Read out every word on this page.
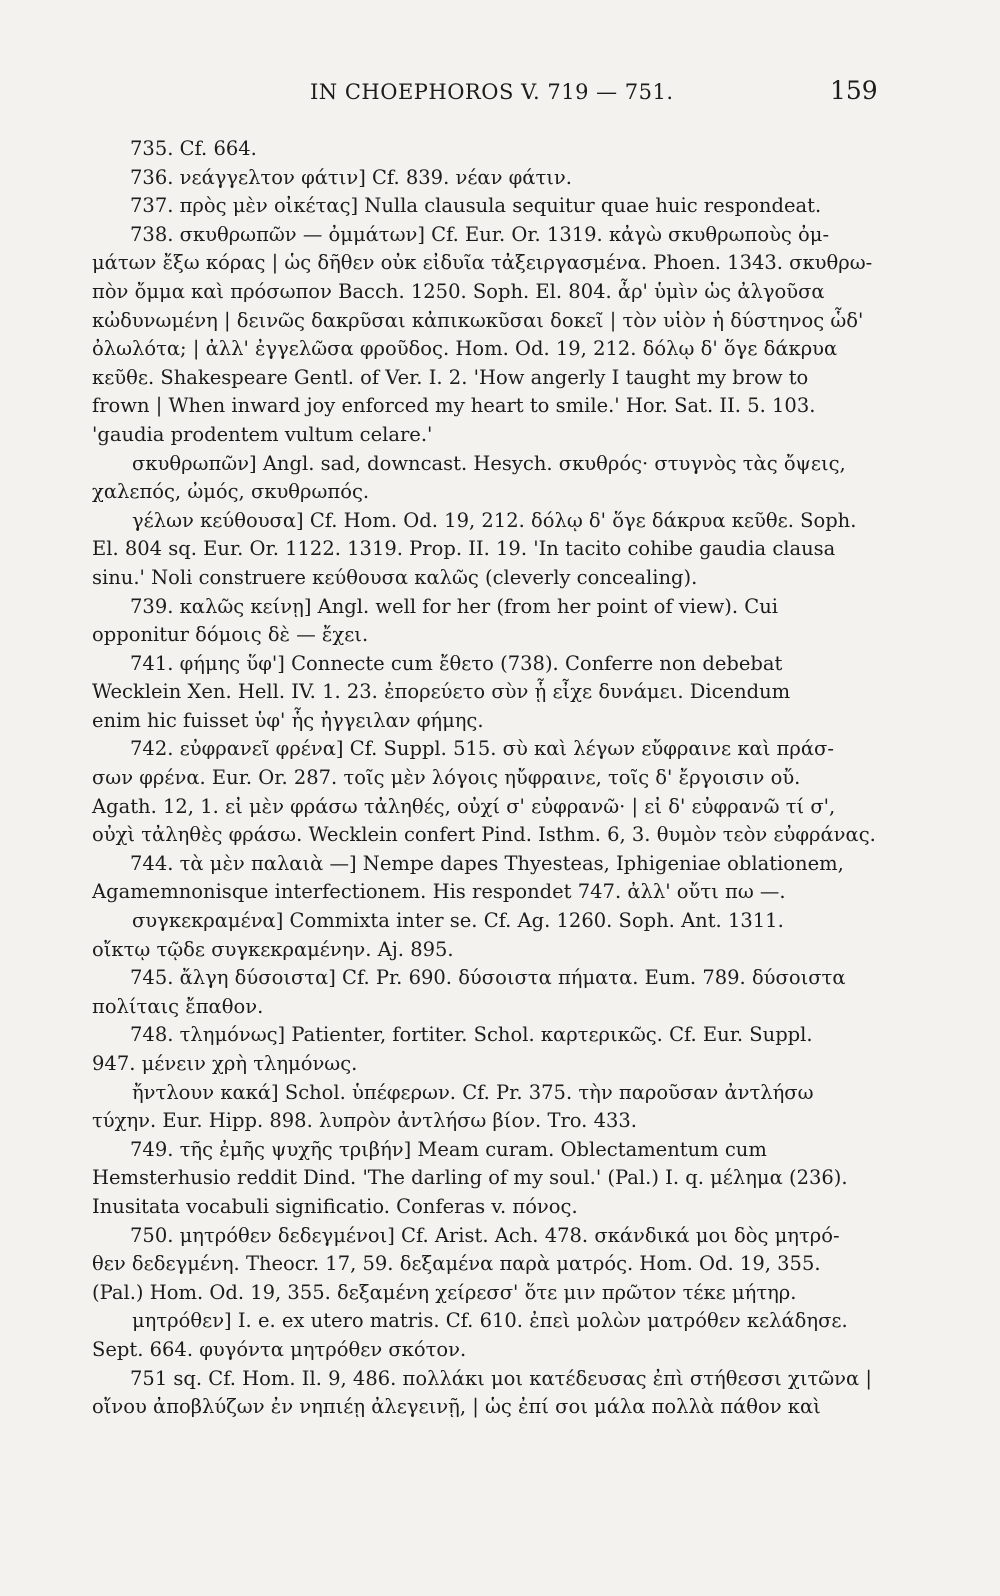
IN CHOEPHOROS V. 719 — 751.	159
735. Cf. 664.
736. νεάγγελτον φάτιν] Cf. 839. νέαν φάτιν.
737. πρὸς μὲν οἰκέτας] Nulla clausula sequitur quae huic respondeat.
738. σκυθρωπῶν — ὀμμάτων] Cf. Eur. Or. 1319. κἀγὼ σκυθρωποὺς ὀμ-
μάτων ἔξω κόρας | ὡς δῆθεν οὐκ εἰδυῖα τἀξειργασμένα. Phoen. 1343. σκυθρω-
πὸν ὄμμα καὶ πρόσωπον Bacch. 1250. Soph. El. 804. ἆρ' ὑμὶν ὡς ἀλγοῦσα
κὠδυνωμένη | δεινῶς δακρῦσαι κἀπικωκῦσαι δοκεῖ | τὸν υἱὸν ἡ δύστηνος ὧδ'
ὀλωλότα; | ἀλλ' ἐγγελῶσα φροῦδος. Hom. Od. 19, 212. δόλῳ δ' ὅγε δάκρυα
κεῦθε. Shakespeare Gentl. of Ver. I. 2. 'How angerly I taught my brow to
frown | When inward joy enforced my heart to smile.' Hor. Sat. II. 5. 103.
'gaudia prodentem vultum celare.'
σκυθρωπῶν] Angl. sad, downcast. Hesych. σκυθρός· στυγνὸς τὰς ὄψεις,
χαλεπός, ὠμός, σκυθρωπός.
γέλων κεύθουσα] Cf. Hom. Od. 19, 212. δόλῳ δ' ὅγε δάκρυα κεῦθε. Soph.
El. 804 sq. Eur. Or. 1122. 1319. Prop. II. 19. 'In tacito cohibe gaudia clausa
sinu.' Noli construere κεύθουσα καλῶς (cleverly concealing).
739. καλῶς κείνῃ] Angl. well for her (from her point of view). Cui
opponitur δόμοις δὲ — ἔχει.
741. φήμης ὕφ'] Connecte cum ἔθετο (738). Conferre non debebat
Wecklein Xen. Hell. IV. 1. 23. ἐπορεύετο σὺν ᾗ εἶχε δυνάμει. Dicendum
enim hic fuisset ὑφ' ἧς ἠγγειλαν φήμης.
742. εὐφρανεῖ φρένα] Cf. Suppl. 515. σὺ καὶ λέγων εὔφραινε καὶ πράσ-
σων φρένα. Eur. Or. 287. τοῖς μὲν λόγοις ηὔφραινε, τοῖς δ' ἔργοισιν οὔ.
Agath. 12, 1. εἰ μὲν φράσω τἀληθές, οὐχί σ' εὐφρανῶ· | εἰ δ' εὐφρανῶ τί σ',
οὐχὶ τἀληθὲς φράσω. Wecklein confert Pind. Isthm. 6, 3. θυμὸν τεὸν εὐφράνας.
744. τὰ μὲν παλαιὰ —] Nempe dapes Thyesteas, Iphigeniae oblationem,
Agamemnonisque interfectionem. His respondet 747. ἀλλ' οὔτι πω —.
συγκεκραμένα] Commixta inter se. Cf. Ag. 1260. Soph. Ant. 1311.
οἴκτῳ τῷδε συγκεκραμένην. Aj. 895.
745. ἄλγη δύσοιστα] Cf. Pr. 690. δύσοιστα πήματα. Eum. 789. δύσοιστα
πολίταις ἔπαθον.
748. τλημόνως] Patienter, fortiter. Schol. καρτερικῶς. Cf. Eur. Suppl.
947. μένειν χρὴ τλημόνως.
ἤντλουν κακά] Schol. ὑπέφερων. Cf. Pr. 375. τὴν παροῦσαν ἀντλήσω
τύχην. Eur. Hipp. 898. λυπρὸν ἀντλήσω βίον. Tro. 433.
749. τῆς ἐμῆς ψυχῆς τριβήν] Meam curam. Oblectamentum cum
Hemsterhusio reddit Dind. 'The darling of my soul.' (Pal.) I. q. μέλημα (236).
Inusitata vocabuli significatio. Conferas v. πόνος.
750. μητρόθεν δεδεγμένοι] Cf. Arist. Ach. 478. σκάνδικά μοι δὸς μητρό-
θεν δεδεγμένη. Theocr. 17, 59. δεξαμένα παρὰ ματρός. Hom. Od. 19, 355.
(Pal.) Hom. Od. 19, 355. δεξαμένη χείρεσσ' ὅτε μιν πρῶτον τέκε μήτηρ.
μητρόθεν] I. e. ex utero matris. Cf. 610. ἐπεὶ μολὼν ματρόθεν κελάδησε.
Sept. 664. φυγόντα μητρόθεν σκότον.
751 sq. Cf. Hom. Il. 9, 486. πολλάκι μοι κατέδευσας ἐπὶ στήθεσσι χιτῶνα |
οἴνου ἀποβλύζων ἐν νηπιέῃ ἀλεγεινῇ, | ὡς ἐπί σοι μάλα πολλὰ πάθον καὶ
